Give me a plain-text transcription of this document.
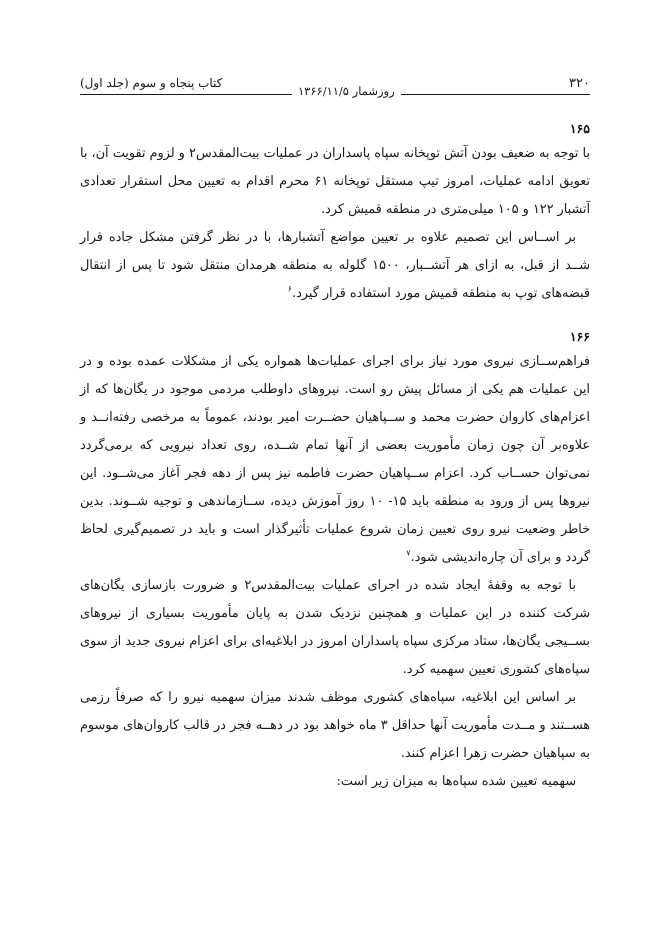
۳۲۰
روزشمار ۱۳۶۶/۱۱/۵
کتاب پنجاه و سوم (جلد اول)
۱۶۵

با توجه به ضعیف بودن آتش توپخانه سپاه پاسداران در عملیات بیت‌المقدس۲ و لزوم تقویت آن، با تعویق ادامه عملیات، امروز تیپ مستقل توپخانه ۶۱ محرم اقدام به تعیین محل استقرار تعدادی آتشبار ۱۲۲ و ۱۰۵ میلی‌متری در منطقه قمیش کرد.

بر اســاس این تصمیم علاوه بر تعیین مواضع آتشبارها، با در نظر گرفتن مشکل جاده قرار شــد از قبل، به ازای هر آتشــبار، ۱۵۰۰ گلوله به منطقه هرمدان منتقل شود تا پس از انتقال قبضه‌های توپ به منطقه قمیش مورد استفاده قرار گیرد.$^۶$

۱۶۶

فراهم‌ســازی نیروی مورد نیاز برای اجرای عملیات‌ها همواره یکی از مشکلات عمده بوده و در این عملیات هم یکی از مسائل پیش رو است. نیروهای داوطلب مردمی موجود در یگان‌ها که از اعزام‌های کاروان حضرت محمد و ســپاهیان حضــرت امیر بودند، عموماً به مرخصی رفته‌انــد و علاوه‌بر آن چون زمان مأموریت بعضی از آنها تمام شــده، روی تعداد نیرویی که برمی‌گردد نمی‌توان حســاب کرد. اعزام ســپاهیان حضرت فاطمه نیز پس از دهه فجر آغاز می‌شــود. این نیروها پس از ورود به منطقه باید ۱۵- ۱۰ روز آموزش دیده، ســازماندهی و توجیه شــوند. بدین خاطر وضعیت نیرو روی تعیین زمان شروع عملیات تأثیرگذار است و باید در تصمیم‌گیری لحاظ گردد و برای آن چاره‌اندیشی شود.$^۷$

با توجه به وقفهٔ ایجاد شده در اجرای عملیات بیت‌المقدس۲ و ضرورت بازسازی یگان‌های شرکت کننده در این عملیات و همچنین نزدیک شدن به پایان مأموریت بسیاری از نیروهای بســیجی یگان‌ها، ستاد مرکزی سپاه پاسداران امروز در ابلاغیه‌ای برای اعزام نیروی جدید از سوی سپاه‌های کشوری تعیین سهمیه کرد.

بر اساس این ابلاغیه، سپاه‌های کشوری موظف شدند میزان سهمیه نیرو را که صرفاً رزمی هســتند و مــدت مأموریت آنها حداقل ۳ ماه خواهد بود در دهــه فجر در قالب کاروان‌های موسوم به سپاهیان حضرت زهرا اعزام کنند.

سهمیه تعیین شده سپاه‌ها به میزان زیر است:
